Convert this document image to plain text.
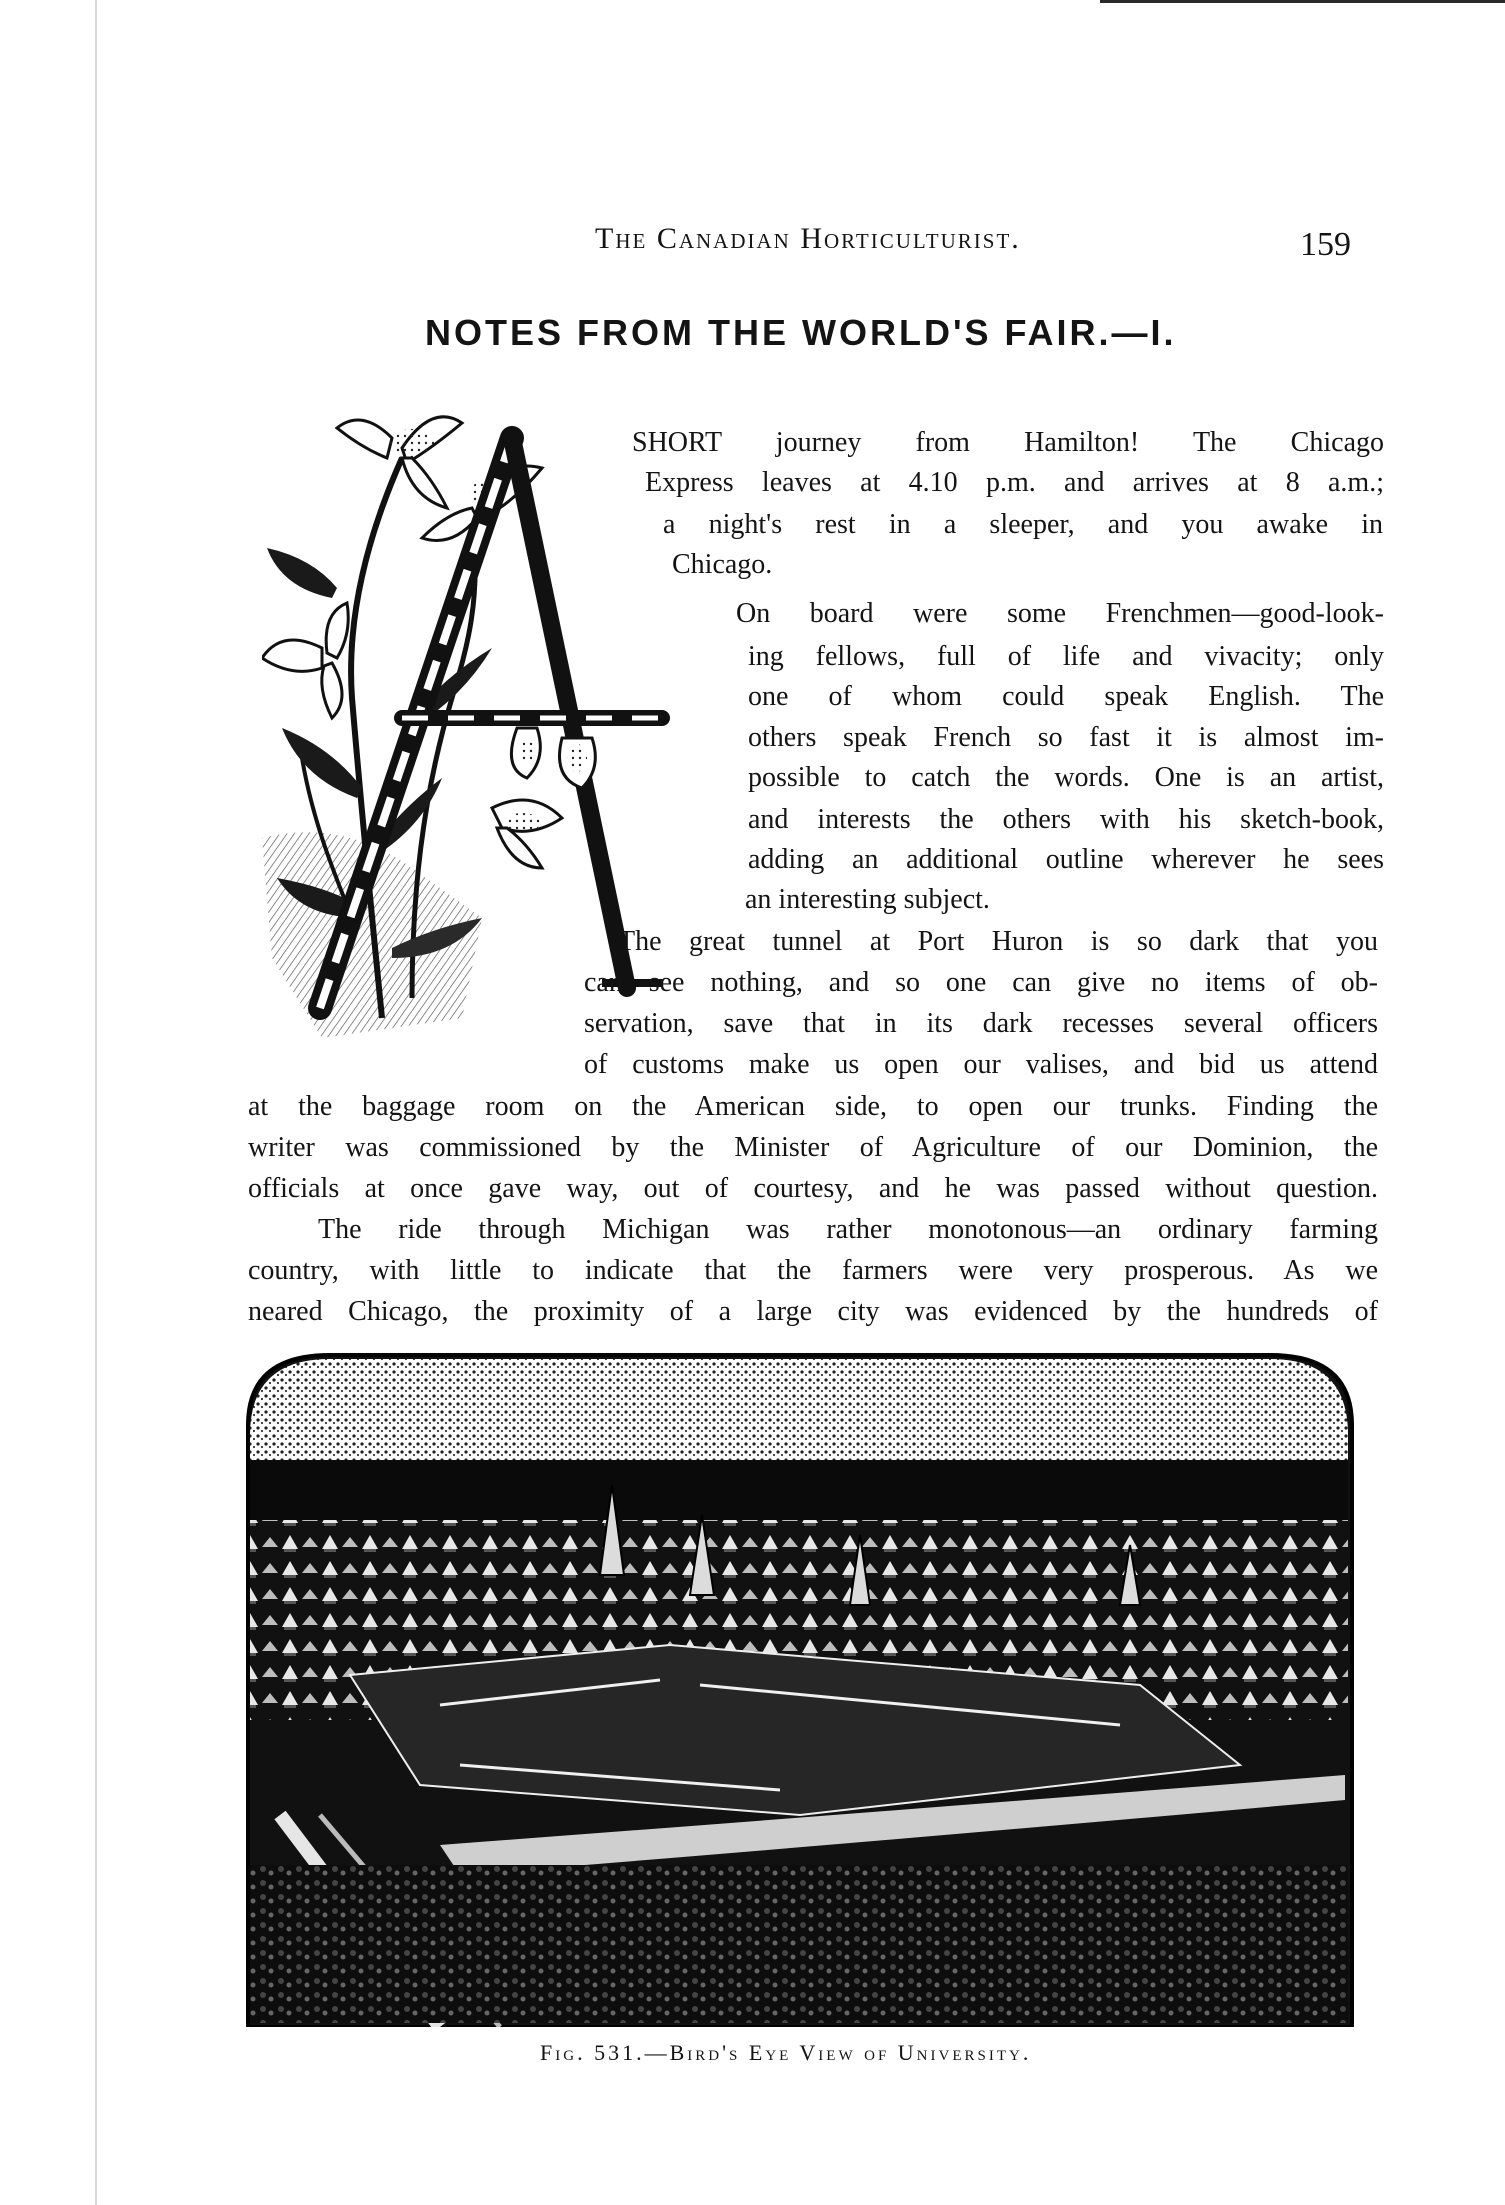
The Canadian Horticulturist.	159
NOTES FROM THE WORLD'S FAIR.—I.
SHORT journey from Hamilton! The Chicago
Express leaves at 4.10 p.m. and arrives at 8 a.m.;
a night's rest in a sleeper, and you awake in
Chicago.
On board were some Frenchmen—good-look-
ing fellows, full of life and vivacity; only
one of whom could speak English. The
others speak French so fast it is almost im-
possible to catch the words. One is an artist,
and interests the others with his sketch-book,
adding an additional outline wherever he sees
an interesting subject.
The great tunnel at Port Huron is so dark that you
can see nothing, and so one can give no items of ob-
servation, save that in its dark recesses several officers
of customs make us open our valises, and bid us attend
at the baggage room on the American side, to open our trunks. Finding the
writer was commissioned by the Minister of Agriculture of our Dominion, the
officials at once gave way, out of courtesy, and he was passed without question.
The ride through Michigan was rather monotonous—an ordinary farming
country, with little to indicate that the farmers were very prosperous. As we
neared Chicago, the proximity of a large city was evidenced by the hundreds of
Fig. 531.—Bird's Eye View of University.
